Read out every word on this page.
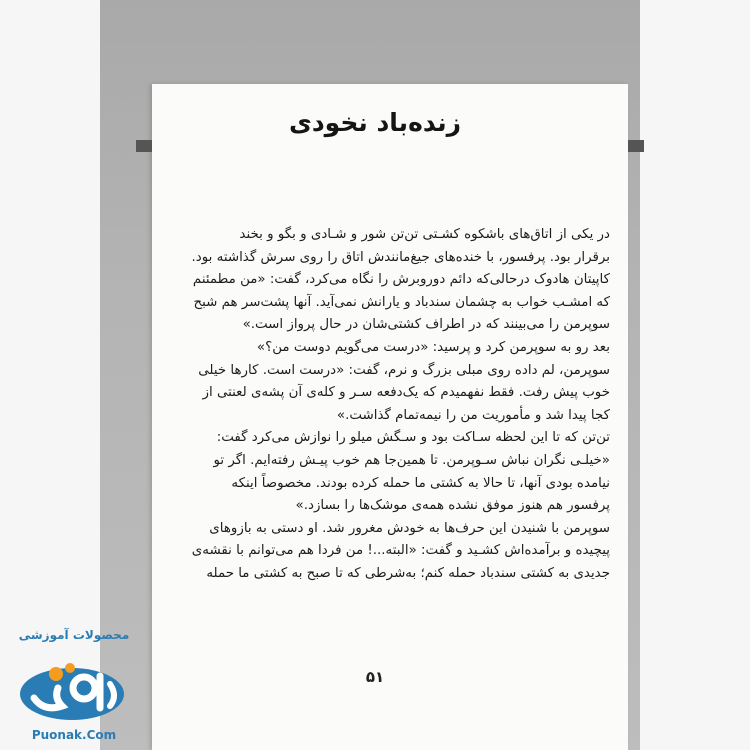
زنده‌باد نخودی
در یکی از اتاق‌های باشکوه کشـتی تن‌تن شور و شـادی و بگو و بخند
برقرار بود. پرفسور، با خنده‌های جیغ‌مانندش اتاق را روی سرش گذاشته بود.
کاپیتان هادوک درحالی‌که دائم دوروبرش را نگاه می‌کرد، گفت: «من مطمئنم
که امشـب خواب به چشمان سندباد و یارانش نمی‌آید. آنها پشت‌سر هم شبح
سوپرمن را می‌بینند که در اطراف کشتی‌شان در حال پرواز است.»
بعد رو به سوپرمن کرد و پرسید: «درست می‌گویم دوست من؟»
سوپرمن، لم داده روی مبلی بزرگ و نرم، گفت: «درست است. کارها خیلی
خوب پیش رفت. فقط نفهمیدم که یک‌دفعه سـر و کله‌ی آن پشه‌ی لعنتی از
کجا پیدا شد و مأموریت من را نیمه‌تمام گذاشت.»
تن‌تن که تا این لحظه سـاکت بود و سـگش میلو را نوازش می‌کرد گفت:
«خیلـی نگران نباش سـوپرمن. تا همین‌جا هم خوب پیـش رفته‌ایم. اگر تو
نیامده بودی آنها، تا حالا به کشتی ما حمله کرده بودند. مخصوصاً اینکه
پرفسور هم هنوز موفق نشده همه‌ی موشک‌ها را بسازد.»
سوپرمن با شنیدن این حرف‌ها به خودش مغرور شد. او دستی به بازوهای
پیچیده و برآمده‌اش کشـید و گفت: «البته...! من فردا هم می‌توانم با نقشه‌ی
جدیدی به کشتی سندباد حمله کنم؛ به‌شرطی که تا صبح به کشتی ما حمله
۵۱
محصولات آموزشی
Puonak.Com
